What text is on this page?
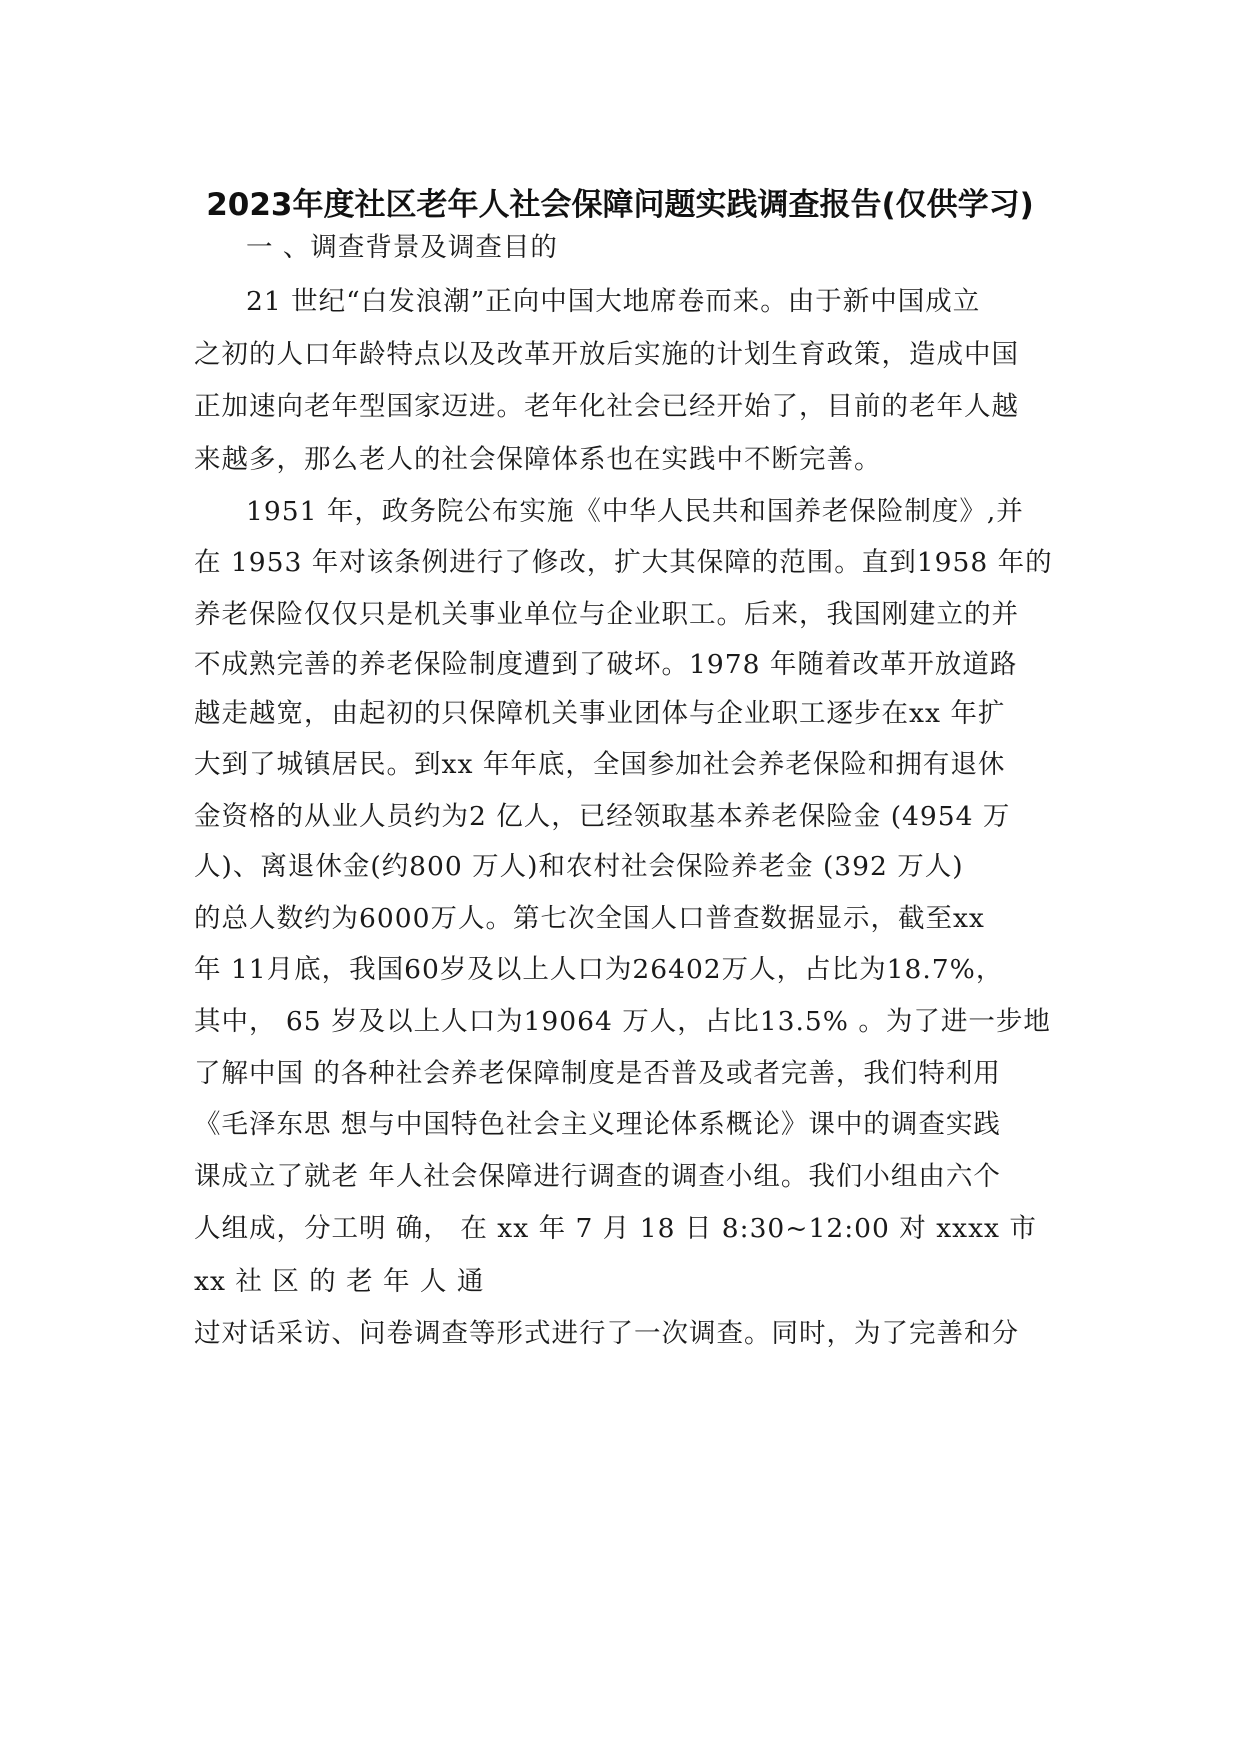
2023年度社区老年人社会保障问题实践调查报告(仅供学习)

一 、调查背景及调查目的

21 世纪“白发浪潮”正向中国大地席卷而来。由于新中国成立

之初的人口年龄特点以及改革开放后实施的计划生育政策，造成中国

正加速向老年型国家迈进。老年化社会已经开始了，目前的老年人越

来越多，那么老人的社会保障体系也在实践中不断完善。

1951 年，政务院公布实施《中华人民共和国养老保险制度》,并

在 1953 年对该条例进行了修改，扩大其保障的范围。直到1958 年的

养老保险仅仅只是机关事业单位与企业职工。后来，我国刚建立的并

不成熟完善的养老保险制度遭到了破坏。1978 年随着改革开放道路

越走越宽，由起初的只保障机关事业团体与企业职工逐步在xx 年扩

大到了城镇居民。到xx 年年底，全国参加社会养老保险和拥有退休

金资格的从业人员约为2 亿人，已经领取基本养老保险金 (4954 万

人)、离退休金(约800 万人)和农村社会保险养老金 (392 万人)

的总人数约为6000万人。第七次全国人口普查数据显示，截至xx

年 11月底，我国60岁及以上人口为26402万人，占比为18.7%，

其中， 65 岁及以上人口为19064 万人，占比13.5% 。为了进一步地

了解中国 的各种社会养老保障制度是否普及或者完善，我们特利用

《毛泽东思 想与中国特色社会主义理论体系概论》课中的调查实践

课成立了就老 年人社会保障进行调查的调查小组。我们小组由六个

人组成，分工明 确， 在 xx 年 7 月 18 日 8:30~12:00 对 xxxx 市

xx 社 区 的 老 年 人 通

过对话采访、问卷调查等形式进行了一次调查。同时，为了完善和分
